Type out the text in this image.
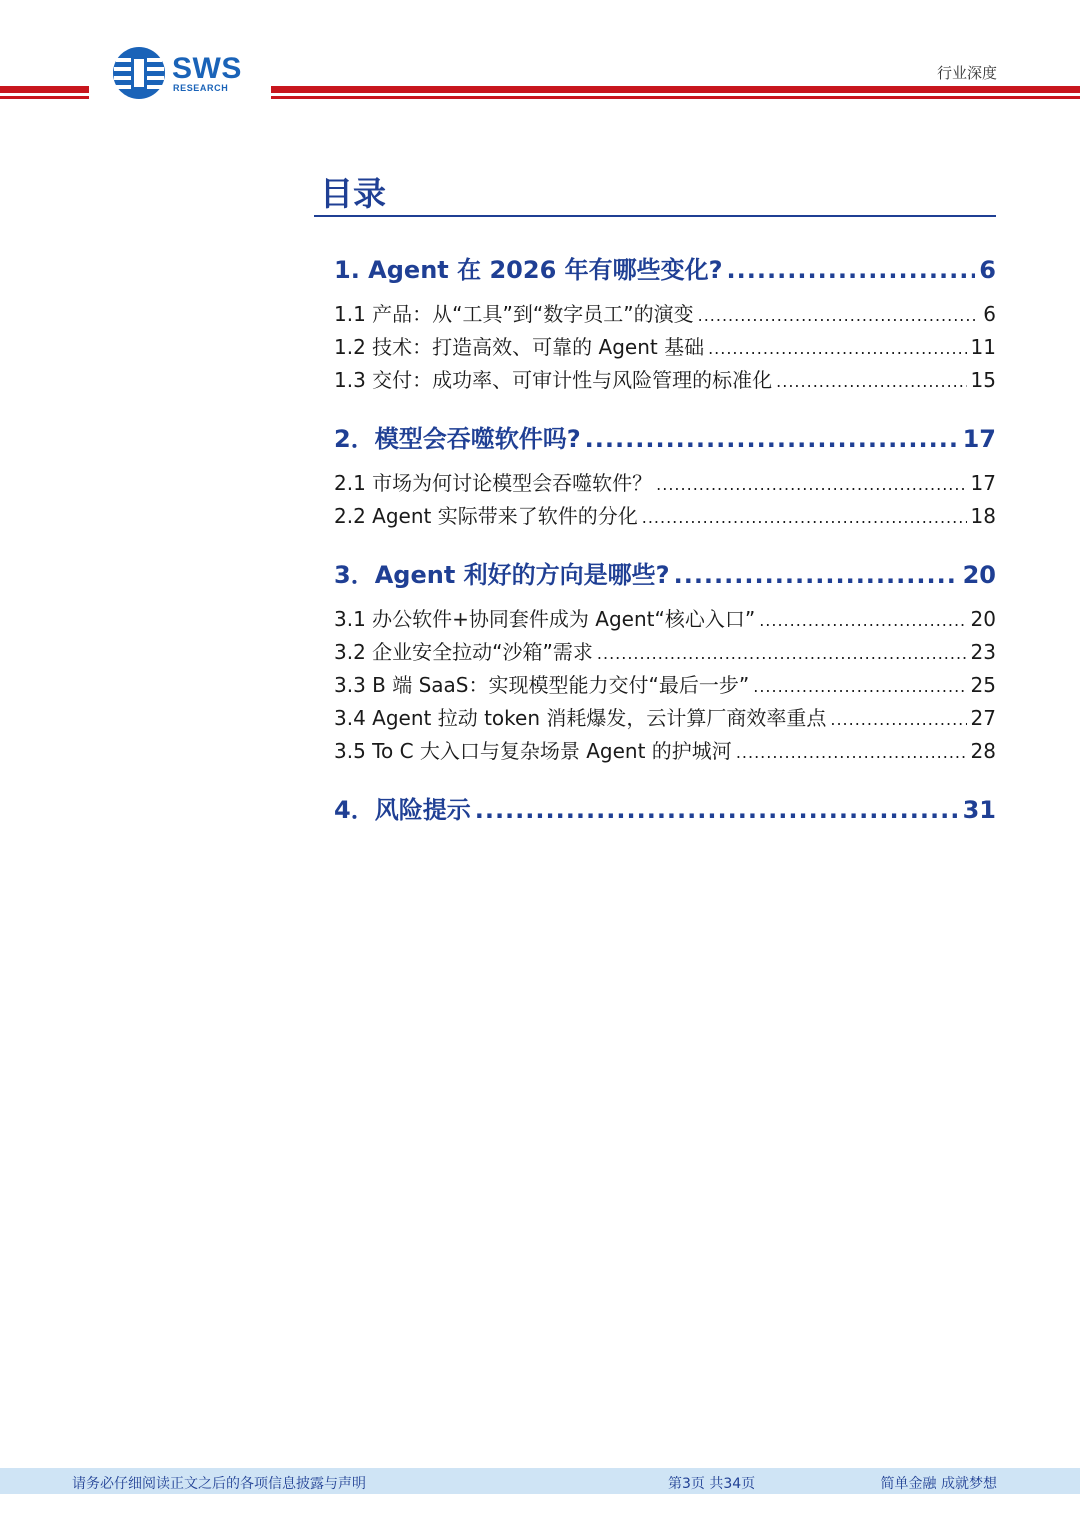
SWS
RESEARCH
行业深度
目录
1. Agent 在 2026 年有哪些变化? .....	6
1.1 产品：从“工具”到“数字员工”的演变 .....	6
1.2 技术：打造高效、可靠的 Agent 基础 .....	11
1.3 交付：成功率、可审计性与风险管理的标准化 .....	15
2．模型会吞噬软件吗? .....	17
2.1 市场为何讨论模型会吞噬软件？ .....	17
2.2 Agent 实际带来了软件的分化 .....	18
3．Agent 利好的方向是哪些? .....	20
3.1 办公软件+协同套件成为 Agent“核心入口” .....	20
3.2 企业安全拉动“沙箱”需求 .....	23
3.3 B 端 SaaS：实现模型能力交付“最后一步” .....	25
3.4 Agent 拉动 token 消耗爆发，云计算厂商效率重点 .....	27
3.5 To C 大入口与复杂场景 Agent 的护城河 .....	28
4．风险提示 .....	31
请务必仔细阅读正文之后的各项信息披露与声明	第3页 共34页	简单金融 成就梦想
